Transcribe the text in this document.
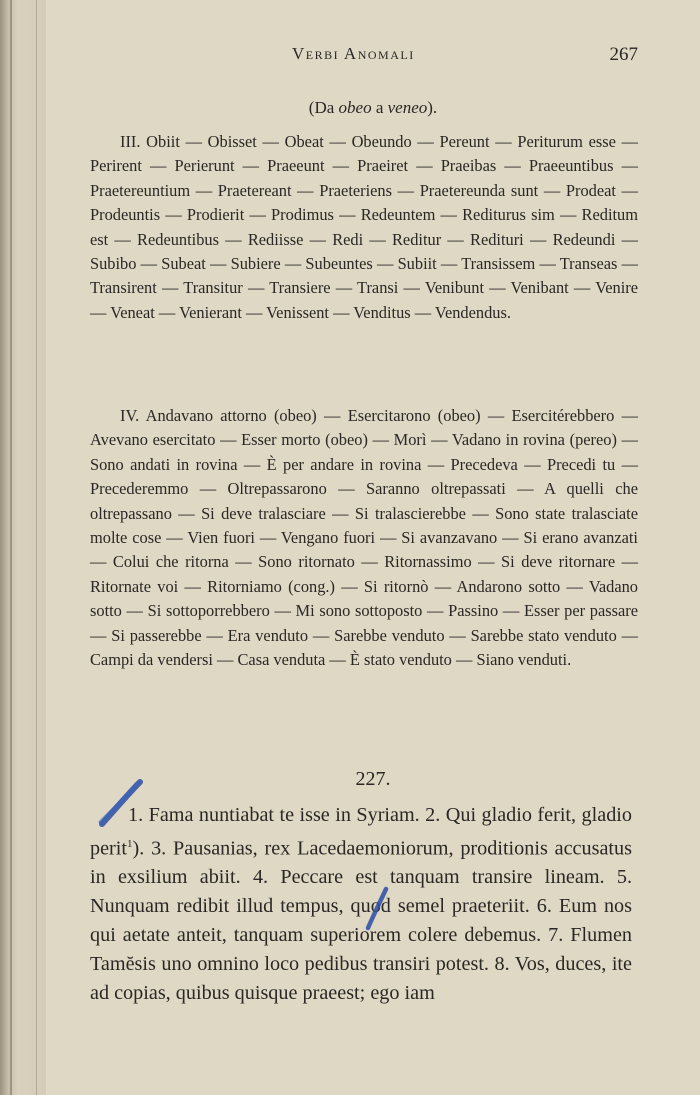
Verbi Anomali	267
(Da obeo a veneo).

III. Obiit — Obisset — Obeat — Obeundo — Pereunt — Periturum esse — Perirent — Perierunt — Praeeunt — Praeiret — Praeibas — Praeeuntibus — Praetereuntium — Praetereant — Praeteriens — Praetereunda sunt — Prodeat — Prodeuntis — Prodierit — Prodimus — Redeuntem — Rediturus sim — Reditum est — Redeuntibus — Rediisse — Redi — Reditur — Redituri — Redeundi — Subibo — Subeat — Subiere — Subeuntes — Subiit — Transissem — Transeas — Transirent — Transitur — Transiere — Transi — Venibunt — Venibant — Venire — Veneat — Venierant — Venissent — Venditus — Vendendus.

IV. Andavano attorno (obeo) — Esercitarono (obeo) — Esercitérebbero — Avevano esercitato — Esser morto (obeo) — Morì — Vadano in rovina (pereo) — Sono andati in rovina — È per andare in rovina — Precedeva — Precedi tu — Precederemmo — Oltrepassarono — Saranno oltrepassati — A quelli che oltrepassano — Si deve tralasciare — Si tralascierebbe — Sono state tralasciate molte cose — Vien fuori — Vengano fuori — Si avanzavano — Si erano avanzati — Colui che ritorna — Sono ritornato — Ritornassimo — Si deve ritornare — Ritornate voi — Ritorniamo (cong.) — Si ritornò — Andarono sotto — Vadano sotto — Si sottoporrebbero — Mi sono sottoposto — Passino — Esser per passare — Si passerebbe — Era venduto — Sarebbe venduto — Sarebbe stato venduto — Campi da vendersi — Casa venduta — È stato venduto — Siano venduti.

227.

1. Fama nuntiabat te isse in Syriam. 2. Qui gladio ferit, gladio perit$^1$). 3. Pausanias, rex Lacedaemoniorum, proditionis accusatus in exsilium abiit. 4. Peccare est tanquam transire lineam. 5. Nunquam redibit illud tempus, quod semel praeteriit. 6. Eum nos qui aetate anteit, tanquam superiorem colere debemus. 7. Flumen Tamĕsis uno omnino loco pedibus transiri potest. 8. Vos, duces, ite ad copias, quibus quisque praeest; ego iam
